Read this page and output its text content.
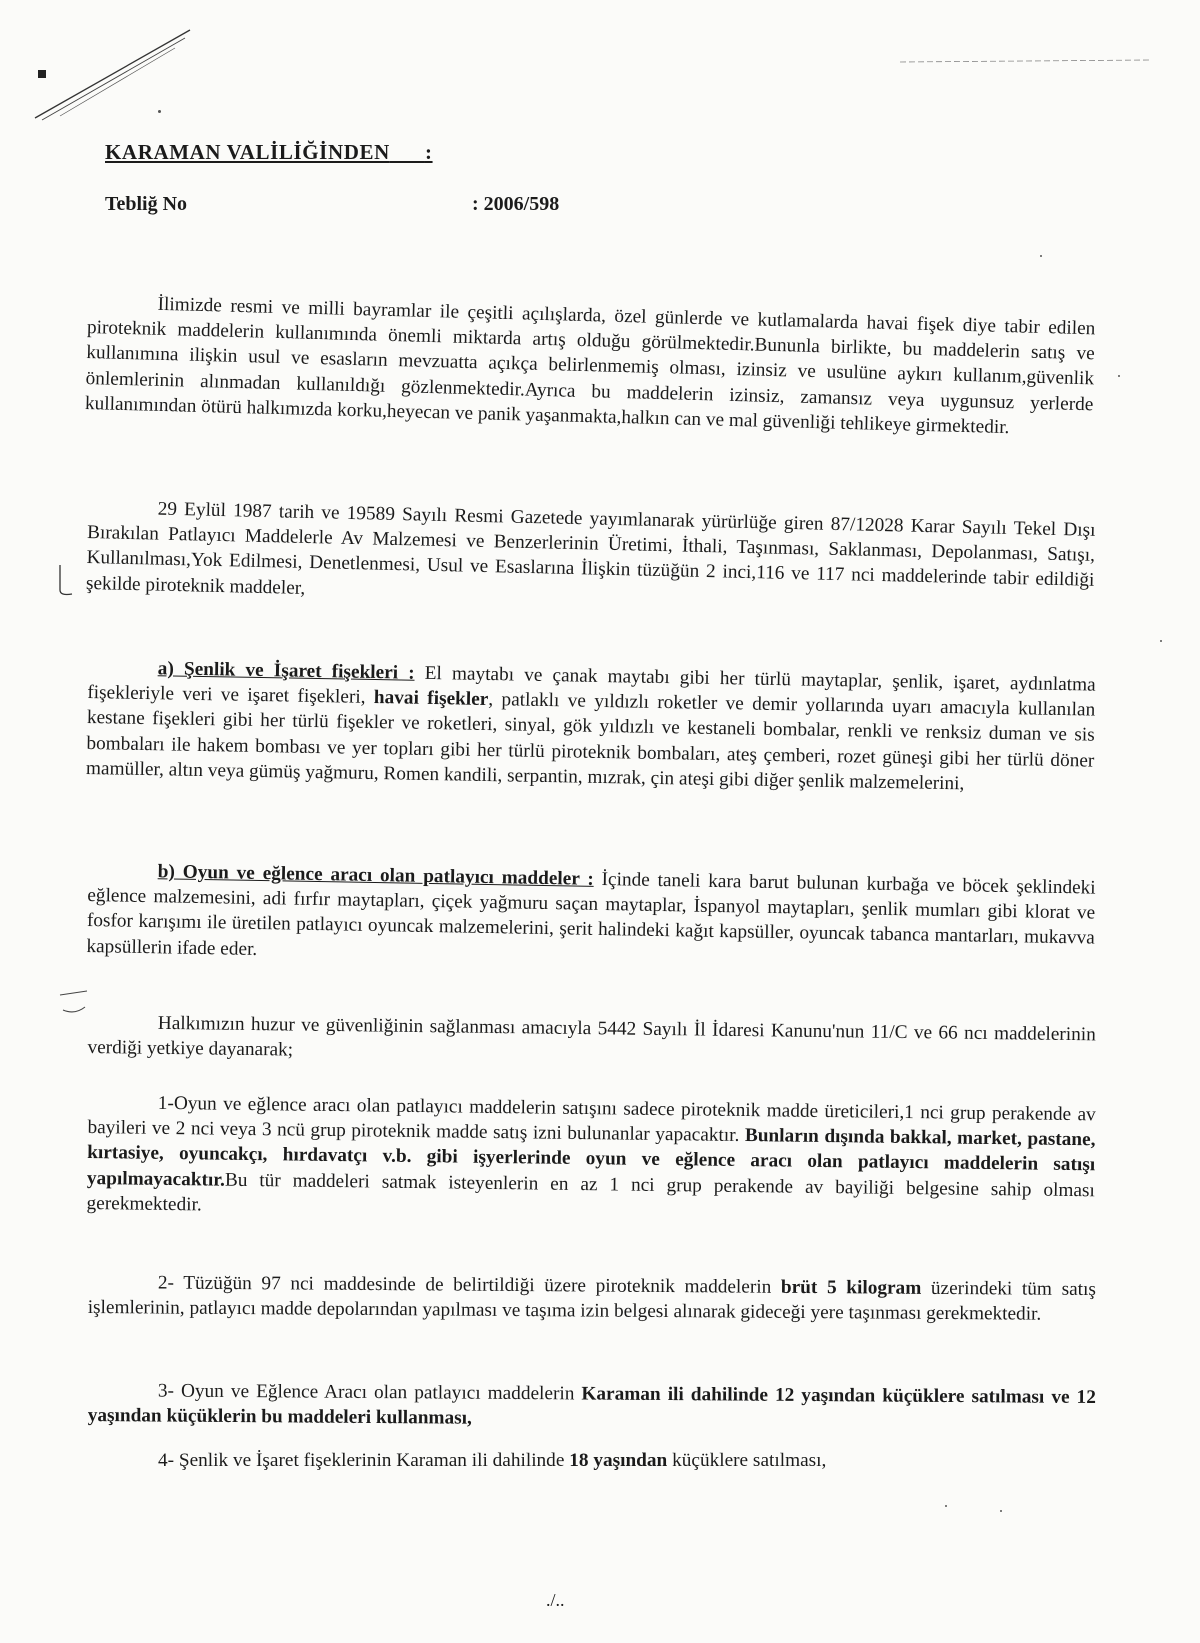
KARAMAN VALİLİĞİNDEN :
Tebliğ No	: 2006/598

İlimizde resmi ve milli bayramlar ile çeşitli açılışlarda, özel günlerde ve kutlamalarda havai fişek diye tabir edilen piroteknik maddelerin kullanımında önemli miktarda artış olduğu görülmektedir.Bununla birlikte, bu maddelerin satış ve kullanımına ilişkin usul ve esasların mevzuatta açıkça belirlenmemiş olması, izinsiz ve usulüne aykırı kullanım,güvenlik önlemlerinin alınmadan kullanıldığı gözlenmektedir.Ayrıca bu maddelerin izinsiz, zamansız veya uygunsuz yerlerde kullanımından ötürü halkımızda korku,heyecan ve panik yaşanmakta,halkın can ve mal güvenliği tehlikeye girmektedir.

29 Eylül 1987 tarih ve 19589 Sayılı Resmi Gazetede yayımlanarak yürürlüğe giren 87/12028 Karar Sayılı Tekel Dışı Bırakılan Patlayıcı Maddelerle Av Malzemesi ve Benzerlerinin Üretimi, İthali, Taşınması, Saklanması, Depolanması, Satışı, Kullanılması,Yok Edilmesi, Denetlenmesi, Usul ve Esaslarına İlişkin tüzüğün 2 inci,116 ve 117 nci maddelerinde tabir edildiği şekilde piroteknik maddeler,

a) Şenlik ve İşaret fişekleri : El maytabı ve çanak maytabı gibi her türlü maytaplar, şenlik, işaret, aydınlatma fişekleriyle veri ve işaret fişekleri, havai fişekler, patlaklı ve yıldızlı roketler ve demir yollarında uyarı amacıyla kullanılan kestane fişekleri gibi her türlü fişekler ve roketleri, sinyal, gök yıldızlı ve kestaneli bombalar, renkli ve renksiz duman ve sis bombaları ile hakem bombası ve yer topları gibi her türlü piroteknik bombaları, ateş çemberi, rozet güneşi gibi her türlü döner mamüller, altın veya gümüş yağmuru, Romen kandili, serpantin, mızrak, çin ateşi gibi diğer şenlik malzemelerini,

b) Oyun ve eğlence aracı olan patlayıcı maddeler : İçinde taneli kara barut bulunan kurbağa ve böcek şeklindeki eğlence malzemesini, adi fırfır maytapları, çiçek yağmuru saçan maytaplar, İspanyol maytapları, şenlik mumları gibi klorat ve fosfor karışımı ile üretilen patlayıcı oyuncak malzemelerini, şerit halindeki kağıt kapsüller, oyuncak tabanca mantarları, mukavva kapsüllerin ifade eder.

Halkımızın huzur ve güvenliğinin sağlanması amacıyla 5442 Sayılı İl İdaresi Kanunu'nun 11/C ve 66 ncı maddelerinin verdiği yetkiye dayanarak;

1-Oyun ve eğlence aracı olan patlayıcı maddelerin satışını sadece piroteknik madde üreticileri,1 nci grup perakende av bayileri ve 2 nci veya 3 ncü grup piroteknik madde satış izni bulunanlar yapacaktır. Bunların dışında bakkal, market, pastane, kırtasiye, oyuncakçı, hırdavatçı v.b. gibi işyerlerinde oyun ve eğlence aracı olan patlayıcı maddelerin satışı yapılmayacaktır.Bu tür maddeleri satmak isteyenlerin en az 1 nci grup perakende av bayiliği belgesine sahip olması gerekmektedir.

2- Tüzüğün 97 nci maddesinde de belirtildiği üzere piroteknik maddelerin brüt 5 kilogram üzerindeki tüm satış işlemlerinin, patlayıcı madde depolarından yapılması ve taşıma izin belgesi alınarak gideceği yere taşınması gerekmektedir.

3- Oyun ve Eğlence Aracı olan patlayıcı maddelerin Karaman ili dahilinde 12 yaşından küçüklere satılması ve 12 yaşından küçüklerin bu maddeleri kullanması,

4- Şenlik ve İşaret fişeklerinin Karaman ili dahilinde 18 yaşından küçüklere satılması,

./..
